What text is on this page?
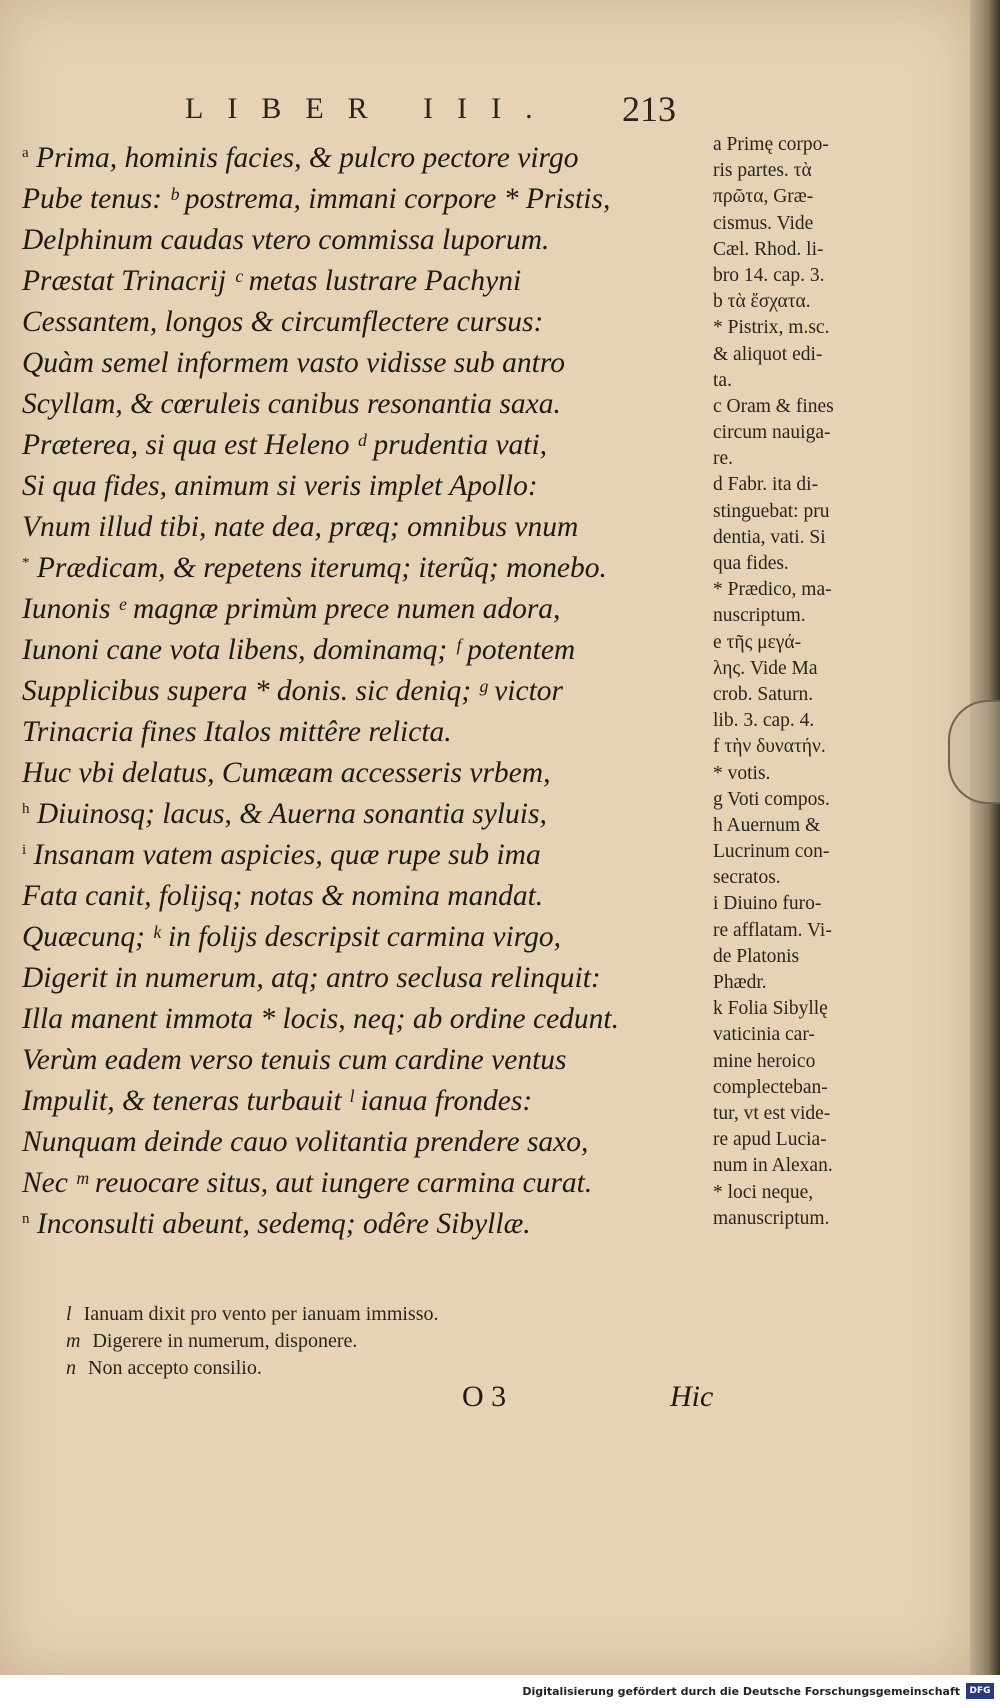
LIBER III. 213
$^a$ Prima, hominis facies, & pulcro pectore virgo
Pube tenus: ᵇ postrema, immani corpore * Pristis,
Delphinum caudas vtero commissa luporum.
Præstat Trinacrij ᶜ metas lustrare Pachyni
Cessantem, longos & circumflectere cursus:
Quàm semel informem vasto vidisse sub antro
Scyllam, & cœruleis canibus resonantia saxa.
Præterea, si qua est Heleno ᵈ prudentia vati,
Si qua fides, animum si veris implet Apollo:
Vnum illud tibi, nate dea, præq; omnibus vnum
* Prædicam, & repetens iterumq; iterũq; monebo.
Iunonis ᵉ magnæ primùm prece numen adora,
Iunoni cane vota libens, dominamq; ᶠ potentem
Supplicibus supera * donis. sic deniq; ᵍ victor
Trinacria fines Italos mittêre relicta.
Huc vbi delatus, Cumæam accesseris vrbem,
$^h$ Diuinosq; lacus, & Auerna sonantia syluis,
$^i$ Insanam vatem aspicies, quæ rupe sub ima
Fata canit, folijsq; notas & nomina mandat.
Quæcunq; ᵏ in folijs descripsit carmina virgo,
Digerit in numerum, atq; antro seclusa relinquit:
Illa manent immota * locis, neq; ab ordine cedunt.
Verùm eadem verso tenuis cum cardine ventus
Impulit, & teneras turbauit ˡ ianua frondes:
Nunquam deinde cauo volitantia prendere saxo,
Nec ᵐ reuocare situs, aut iungere carmina curat.
$^n$ Inconsulti abeunt, sedemq; odêre Sibyllæ.
l Ianuam dixit pro vento per ianuam immisso.
m Digerere in numerum, disponere.
n Non accepto consilio.
O 3	Hic
a Primę corpo-
ris partes. τὰ
πρῶτα, Græ-
cismus. Vide
Cæl. Rhod. li-
bro 14. cap. 3.
b τὰ ἔσχατα.
* Pistrix, m.sc.
& aliquot edi-
ta.
c Oram & fines
circum nauiga-
re.
d Fabr. ita di-
stinguebat: pru
dentia, vati. Si
qua fides.
* Prædico, ma-
nuscriptum.
e τῆς μεγά-
λης. Vide Ma
crob. Saturn.
lib. 3. cap. 4.
f τὴν δυνατήν.
* votis.
g Voti compos.
h Auernum &
Lucrinum con-
secratos.
i Diuino furo-
re afflatam. Vi-
de Platonis
Phædr.
k Folia Sibyllę
vaticinia car-
mine heroico
complecteban-
tur, vt est vide-
re apud Lucia-
num in Alexan.
* loci neque,
manuscriptum.
Digitalisierung gefördert durch die Deutsche Forschungsgemeinschaft	DFG
